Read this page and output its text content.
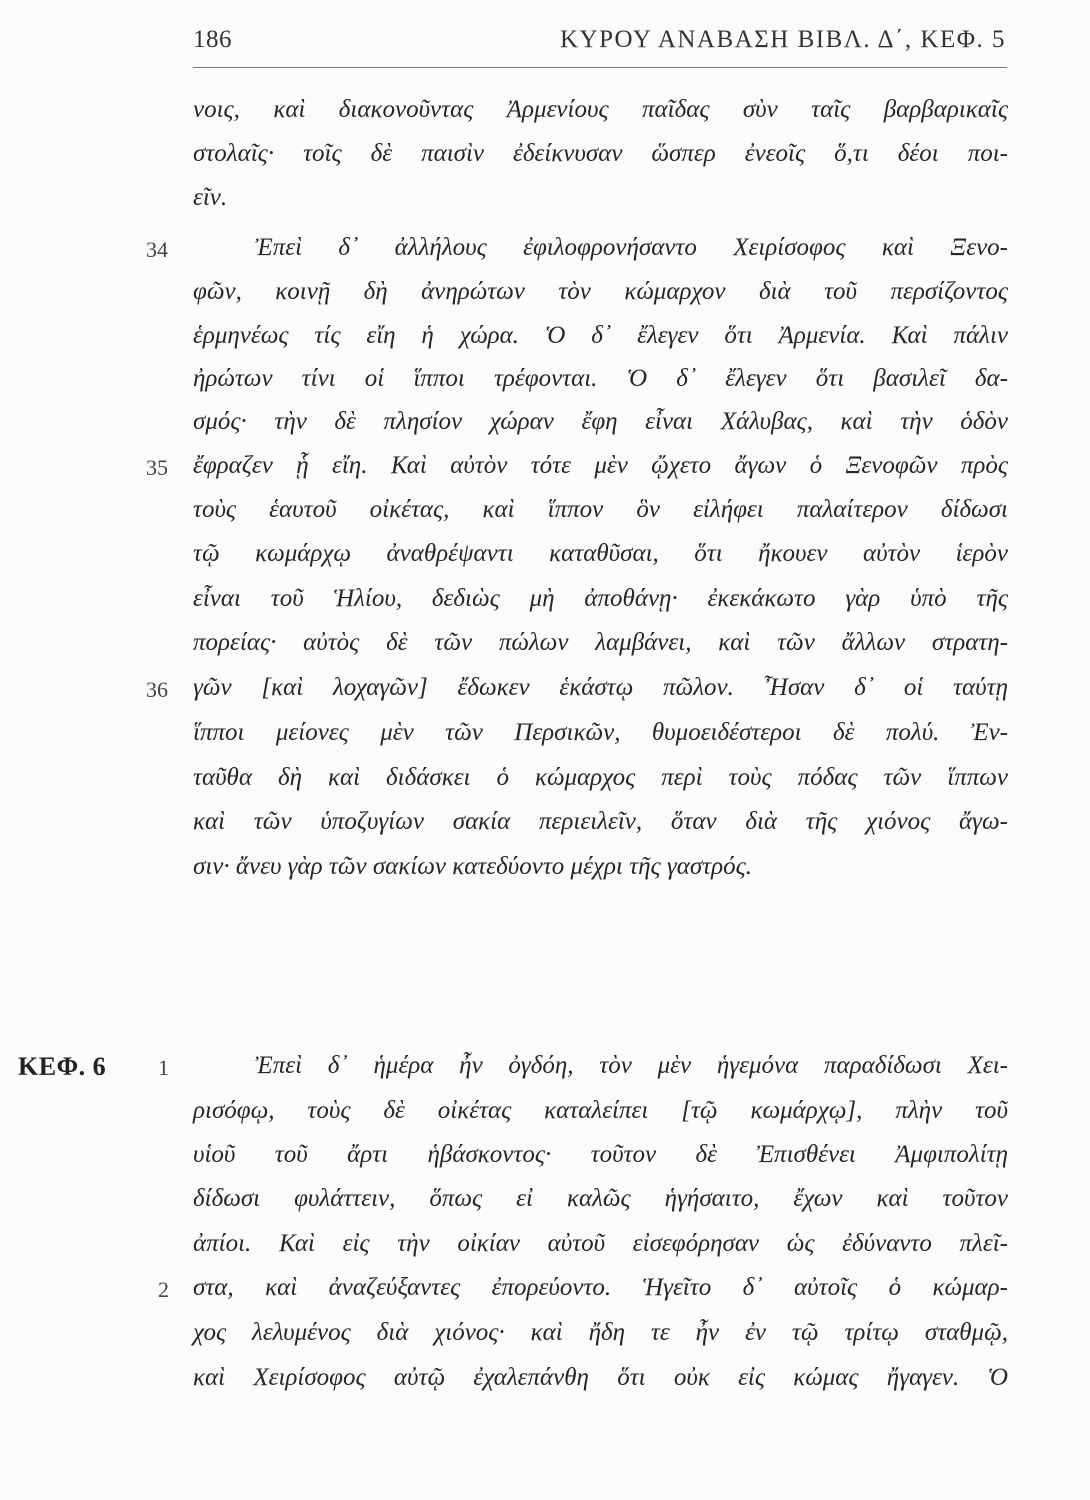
186	ΚΥΡΟΥ ΑΝΑΒΑΣΗ ΒΙΒΛ. Δ΄, ΚΕΦ. 5
νοις, καὶ διακονοῦντας Ἀρμενίους παῖδας σὺν ταῖς βαρβαρικαῖς
στολαῖς· τοῖς δὲ παισὶν ἐδείκνυσαν ὥσπερ ἐνεοῖς ὅ,τι δέοι ποι-
εῖν.
34	Ἐπεὶ δ᾽ ἀλλήλους ἐφιλοφρονήσαντο Χειρίσοφος καὶ Ξενο-
φῶν, κοινῇ δὴ ἀνηρώτων τὸν κώμαρχον διὰ τοῦ περσίζοντος
ἑρμηνέως τίς εἴη ἡ χώρα. Ὁ δ᾽ ἔλεγεν ὅτι Ἀρμενία. Καὶ πάλιν
ἠρώτων τίνι οἱ ἵπποι τρέφονται. Ὁ δ᾽ ἔλεγεν ὅτι βασιλεῖ δα-
σμός· τὴν δὲ πλησίον χώραν ἔφη εἶναι Χάλυβας, καὶ τὴν ὁδὸν
35 ἔφραζεν ᾗ εἴη. Καὶ αὐτὸν τότε μὲν ᾤχετο ἄγων ὁ Ξενοφῶν πρὸς
τοὺς ἑαυτοῦ οἰκέτας, καὶ ἵππον ὃν εἰλήφει παλαίτερον δίδωσι
τῷ κωμάρχῳ ἀναθρέψαντι καταθῦσαι, ὅτι ἤκουεν αὐτὸν ἱερὸν
εἶναι τοῦ Ἡλίου, δεδιὼς μὴ ἀποθάνῃ· ἐκεκάκωτο γὰρ ὑπὸ τῆς
πορείας· αὐτὸς δὲ τῶν πώλων λαμβάνει, καὶ τῶν ἄλλων στρατη-
36 γῶν [καὶ λοχαγῶν] ἔδωκεν ἑκάστῳ πῶλον. Ἦσαν δ᾽ οἱ ταύτῃ
ἵπποι μείονες μὲν τῶν Περσικῶν, θυμοειδέστεροι δὲ πολύ. Ἐν-
ταῦθα δὴ καὶ διδάσκει ὁ κώμαρχος περὶ τοὺς πόδας τῶν ἵππων
καὶ τῶν ὑποζυγίων σακία περιειλεῖν, ὅταν διὰ τῆς χιόνος ἄγω-
σιν· ἄνευ γὰρ τῶν σακίων κατεδύοντο μέχρι τῆς γαστρός.
ΚΕΦ. 6 1	Ἐπεὶ δ᾽ ἡμέρα ἦν ὀγδόη, τὸν μὲν ἡγεμόνα παραδίδωσι Χει-
ρισόφῳ, τοὺς δὲ οἰκέτας καταλείπει [τῷ κωμάρχῳ], πλὴν τοῦ
υἱοῦ τοῦ ἄρτι ἡβάσκοντος· τοῦτον δὲ Ἐπισθένει Ἀμφιπολίτῃ
δίδωσι φυλάττειν, ὅπως εἰ καλῶς ἡγήσαιτο, ἔχων καὶ τοῦτον
ἀπίοι. Καὶ εἰς τὴν οἰκίαν αὐτοῦ εἰσεφόρησαν ὡς ἐδύναντο πλεῖ-
2 στα, καὶ ἀναζεύξαντες ἐπορεύοντο. Ἡγεῖτο δ᾽ αὐτοῖς ὁ κώμαρ-
χος λελυμένος διὰ χιόνος· καὶ ἤδη τε ἦν ἐν τῷ τρίτῳ σταθμῷ,
καὶ Χειρίσοφος αὐτῷ ἐχαλεπάνθη ὅτι οὐκ εἰς κώμας ἤγαγεν. Ὁ
